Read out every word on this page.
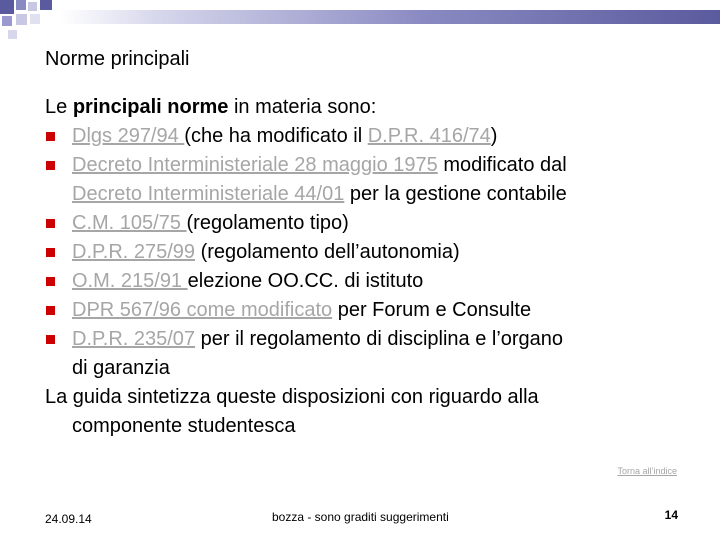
Norme principali
Le principali norme in materia sono:
Dlgs 297/94 (che ha modificato il D.P.R. 416/74)
Decreto Interministeriale 28 maggio 1975 modificato dal
Decreto Interministeriale 44/01 per la gestione contabile
C.M. 105/75 (regolamento tipo)
D.P.R. 275/99 (regolamento dell’autonomia)
O.M. 215/91 elezione OO.CC. di istituto
DPR 567/96 come modificato per Forum e Consulte
D.P.R. 235/07 per il regolamento di disciplina e l’organo
di garanzia
La guida sintetizza queste disposizioni con riguardo alla
componente studentesca
Torna all’indice
24.09.14	bozza - sono graditi suggerimenti	14
